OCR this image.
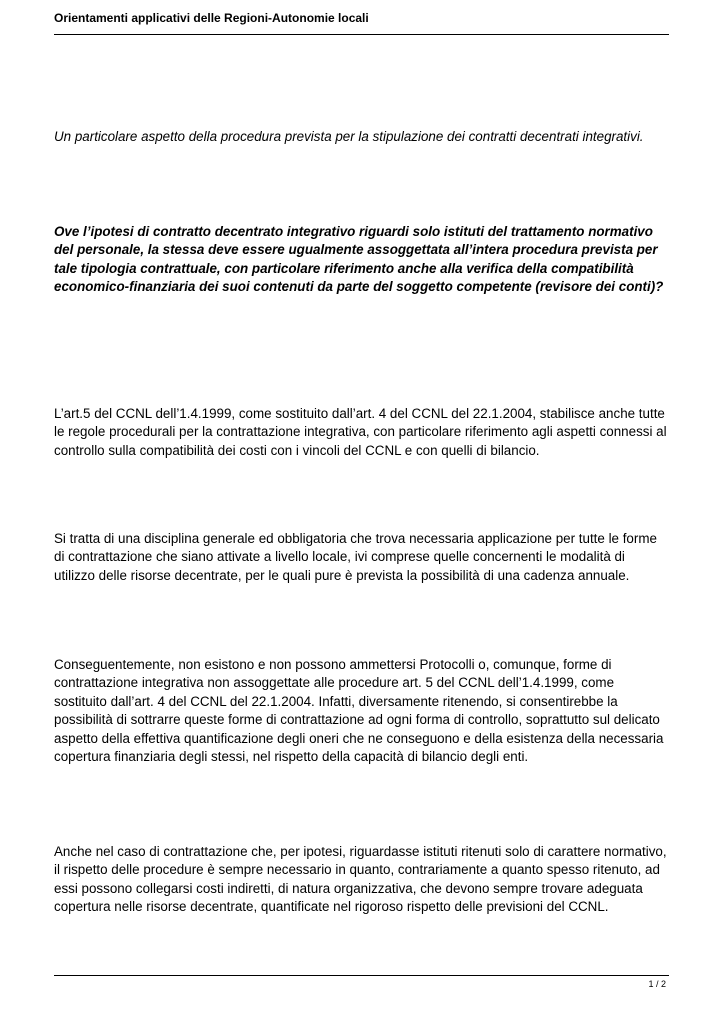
Orientamenti applicativi delle Regioni-Autonomie locali
Un particolare aspetto della procedura prevista per la stipulazione dei contratti decentrati integrativi.
Ove l’ipotesi di contratto decentrato integrativo riguardi solo istituti del trattamento normativo del personale, la stessa deve essere ugualmente assoggettata all’intera procedura prevista per tale tipologia contrattuale, con particolare riferimento anche alla verifica della compatibilità economico-finanziaria dei suoi contenuti da parte del soggetto competente (revisore dei conti)?
L’art.5 del CCNL dell’1.4.1999, come sostituito dall’art. 4 del CCNL del 22.1.2004, stabilisce anche tutte le regole procedurali per la contrattazione integrativa, con particolare riferimento agli aspetti connessi al controllo sulla compatibilità dei costi con i vincoli del CCNL e con quelli di bilancio.
Si tratta di una disciplina generale ed obbligatoria che trova necessaria applicazione per tutte le forme di contrattazione che siano attivate a livello locale, ivi comprese quelle concernenti le modalità di utilizzo delle risorse decentrate, per le quali pure è prevista la possibilità di una cadenza annuale.
Conseguentemente, non esistono e non possono ammettersi Protocolli o, comunque, forme di contrattazione integrativa non assoggettate alle procedure art. 5 del CCNL dell’1.4.1999, come sostituito dall’art. 4 del CCNL del 22.1.2004. Infatti, diversamente ritenendo, si consentirebbe la possibilità di sottrarre queste forme di contrattazione ad ogni forma di controllo, soprattutto sul delicato aspetto della effettiva quantificazione degli oneri che ne conseguono e della esistenza della necessaria copertura finanziaria degli stessi, nel rispetto della capacità di bilancio degli enti.
Anche nel caso di contrattazione che, per ipotesi, riguardasse istituti ritenuti solo di carattere normativo, il rispetto delle procedure è sempre necessario in quanto, contrariamente a quanto spesso ritenuto, ad essi possono collegarsi costi indiretti, di natura organizzativa, che devono sempre trovare adeguata copertura nelle risorse decentrate, quantificate nel rigoroso rispetto delle previsioni del CCNL.
1 / 2
